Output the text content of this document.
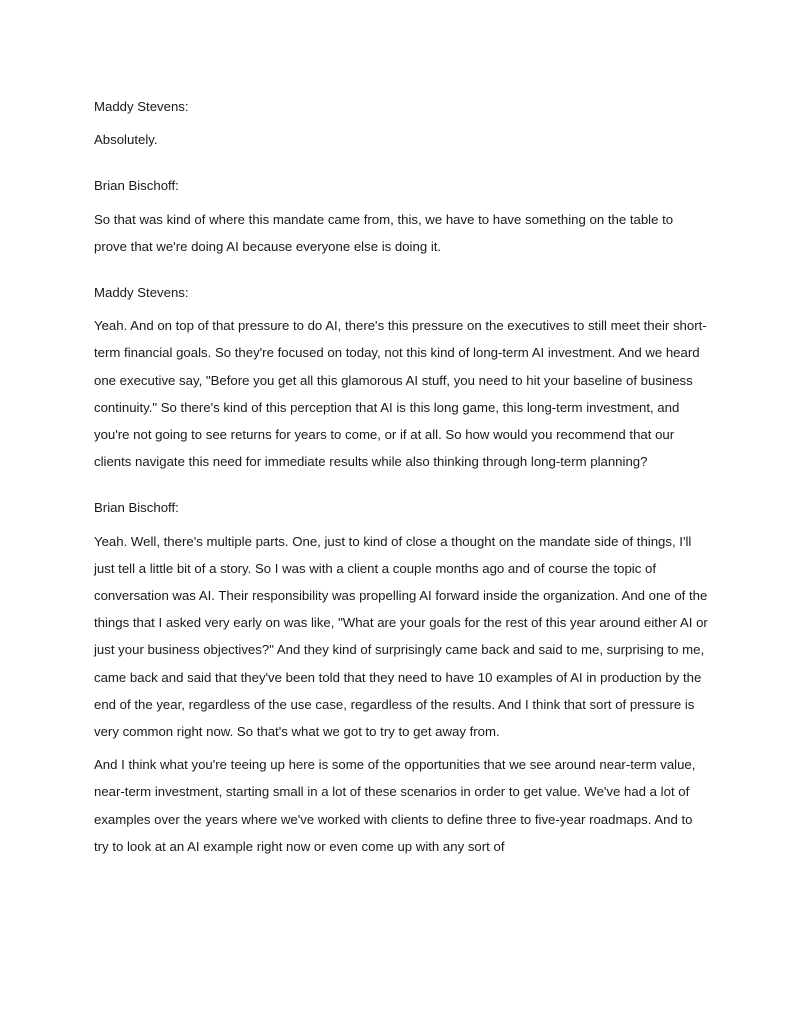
Maddy Stevens:
Absolutely.
Brian Bischoff:
So that was kind of where this mandate came from, this, we have to have something on the table to prove that we're doing AI because everyone else is doing it.
Maddy Stevens:
Yeah. And on top of that pressure to do AI, there's this pressure on the executives to still meet their short-term financial goals. So they're focused on today, not this kind of long-term AI investment. And we heard one executive say, "Before you get all this glamorous AI stuff, you need to hit your baseline of business continuity." So there's kind of this perception that AI is this long game, this long-term investment, and you're not going to see returns for years to come, or if at all. So how would you recommend that our clients navigate this need for immediate results while also thinking through long-term planning?
Brian Bischoff:
Yeah. Well, there's multiple parts. One, just to kind of close a thought on the mandate side of things, I'll just tell a little bit of a story. So I was with a client a couple months ago and of course the topic of conversation was AI. Their responsibility was propelling AI forward inside the organization. And one of the things that I asked very early on was like, "What are your goals for the rest of this year around either AI or just your business objectives?" And they kind of surprisingly came back and said to me, surprising to me, came back and said that they've been told that they need to have 10 examples of AI in production by the end of the year, regardless of the use case, regardless of the results. And I think that sort of pressure is very common right now. So that's what we got to try to get away from.
And I think what you're teeing up here is some of the opportunities that we see around near-term value, near-term investment, starting small in a lot of these scenarios in order to get value. We've had a lot of examples over the years where we've worked with clients to define three to five-year roadmaps. And to try to look at an AI example right now or even come up with any sort of
